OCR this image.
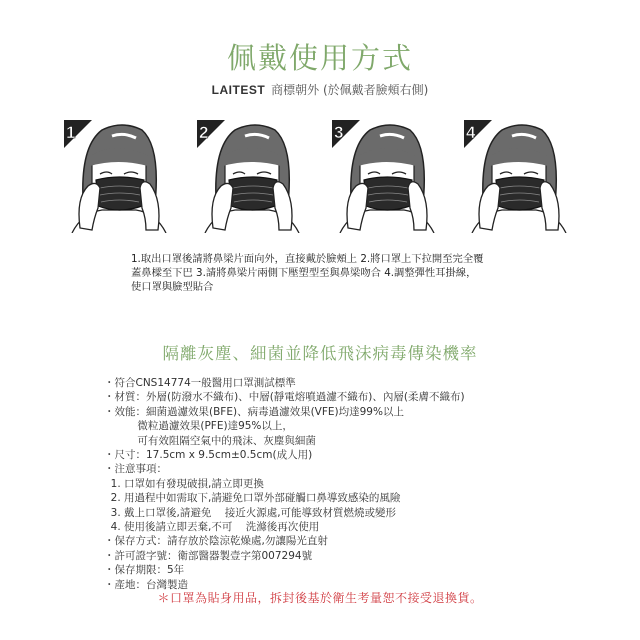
佩戴使用方式
LAITEST 商標朝外 (於佩戴者臉頰右側)
1	2	3	4
1.取出口罩後請將鼻梁片面向外，直接戴於臉頰上 2.將口罩上下拉開至完全覆
蓋鼻樑至下巴 3.請將鼻梁片兩側下壓塑型至與鼻梁吻合 4.調整彈性耳掛線，
使口罩與臉型貼合
隔離灰塵、細菌並降低飛沫病毒傳染機率
・符合CNS14774一般醫用口罩測試標準
・材質：外層(防潑水不織布)、中層(靜電熔噴過濾不織布)、內層(柔膚不織布)
・效能：細菌過濾效果(BFE)、病毒過濾效果(VFE)均達99%以上
微粒過濾效果(PFE)達95%以上，
可有效阻隔空氣中的飛沫、灰塵與細菌
・尺寸：17.5cm x 9.5cm±0.5cm(成人用)
・注意事項：
1. 口罩如有發現破損,請立即更換
2. 用過程中如需取下,請避免口罩外部碰觸口鼻導致感染的風險
3. 戴上口罩後,請避免    接近火源處,可能導致材質燃燒或變形
4. 使用後請立即丟棄,不可    洗滌後再次使用
・保存方式：請存放於陰涼乾燥處,勿讓陽光直射
・許可證字號：衛部醫器製壹字第007294號
・保存期限：5年
・產地：台灣製造
＊口罩為貼身用品，拆封後基於衛生考量恕不接受退換貨。
